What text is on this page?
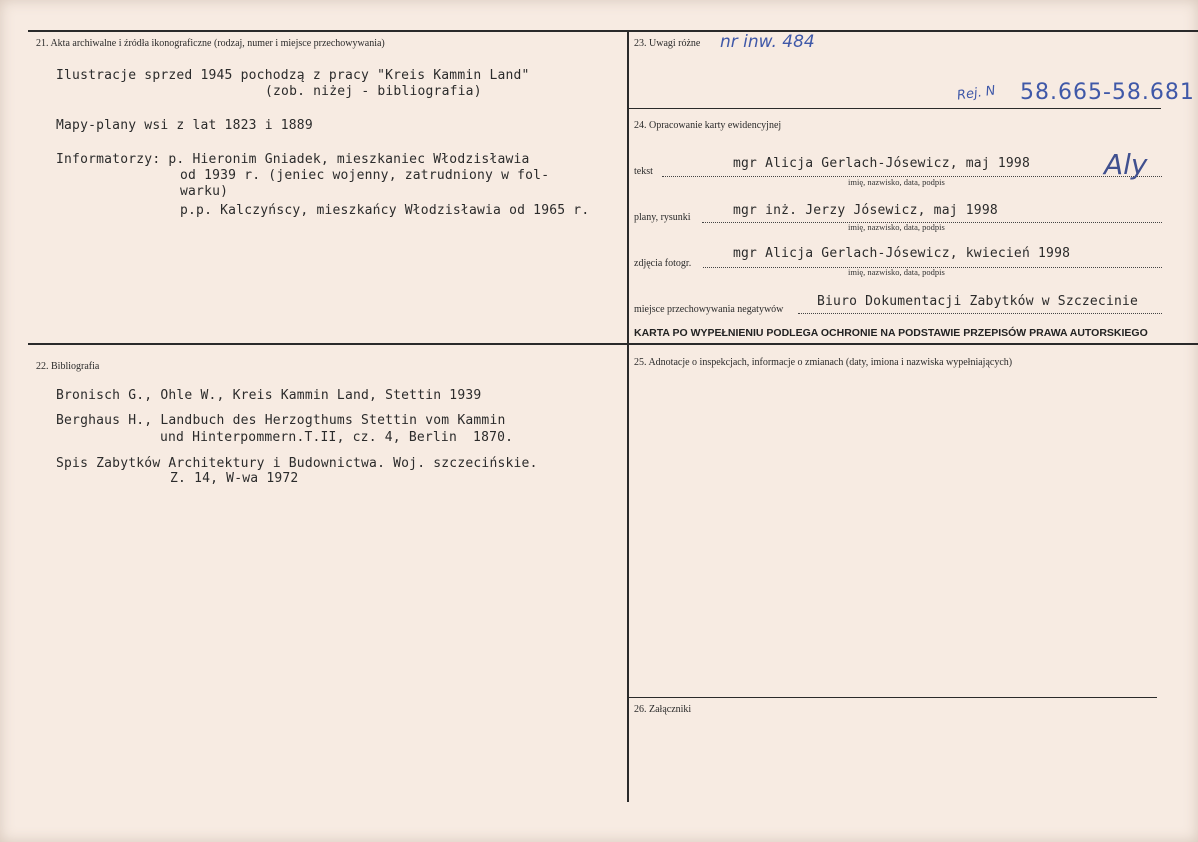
21. Akta archiwalne i źródła ikonograficzne (rodzaj, numer i miejsce przechowywania)
Ilustracje sprzed 1945 pochodzą z pracy "Kreis Kammin Land"
(zob. niżej - bibliografia)
Mapy-plany wsi z lat 1823 i 1889
Informatorzy: p. Hieronim Gniadek, mieszkaniec Włodzisławia
od 1939 r. (jeniec wojenny, zatrudniony w fol-
warku)
p.p. Kalczyńscy, mieszkańcy Włodzisławia od 1965 r.
23. Uwagi różne nr inw. 484
Rej. N 58.665-58.681
24. Opracowanie karty ewidencyjnej
tekst
mgr Alicja Gerlach-Jósewicz, maj 1998
imię, nazwisko, data, podpis
Aly
plany, rysunki	mgr inż. Jerzy Jósewicz, maj 1998
imię, nazwisko, data, podpis
zdjęcia fotogr.
mgr Alicja Gerlach-Jósewicz, kwiecień 1998
imię, nazwisko, data, podpis
miejsce przechowywania negatywów
Biuro Dokumentacji Zabytków w Szczecinie
KARTA PO WYPEŁNIENIU PODLEGA OCHRONIE NA PODSTAWIE PRZEPISÓW PRAWA AUTORSKIEGO
22. Bibliografia
Bronisch G., Ohle W., Kreis Kammin Land, Stettin 1939
Berghaus H., Landbuch des Herzogthums Stettin vom Kammin
und Hinterpommern.T.II, cz. 4, Berlin  1870.
Spis Zabytków Architektury i Budownictwa. Woj. szczecińskie.
Z. 14, W-wa 1972
25. Adnotacje o inspekcjach, informacje o zmianach (daty, imiona i nazwiska wypełniających)
26. Załączniki
